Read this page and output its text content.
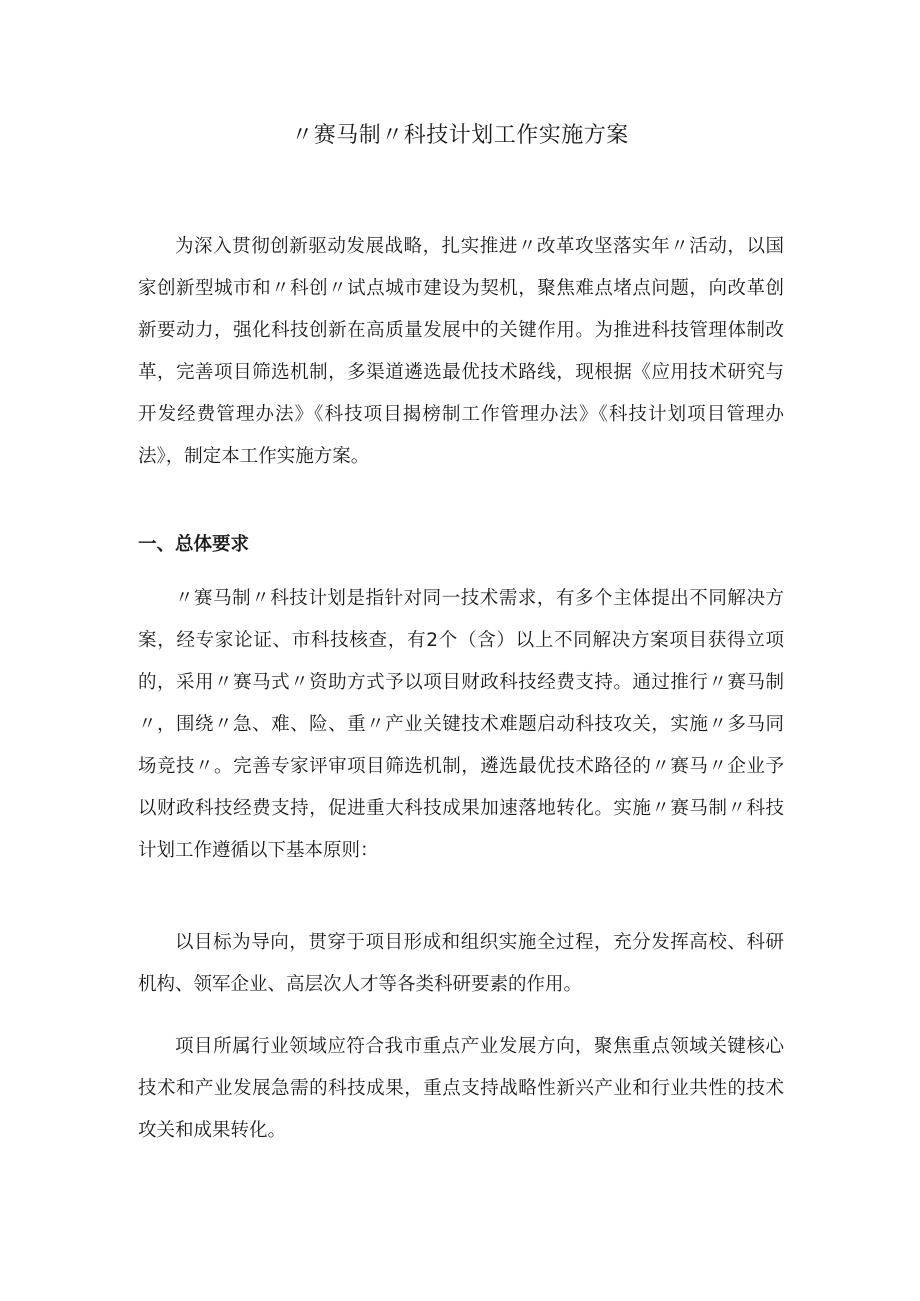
〃赛马制〃科技计划工作实施方案

为深入贯彻创新驱动发展战略，扎实推进〃改革攻坚落实年〃活动，以国家创新型城市和〃科创〃试点城市建设为契机，聚焦难点堵点问题，向改革创新要动力，强化科技创新在高质量发展中的关键作用。为推进科技管理体制改革，完善项目筛选机制，多渠道遴选最优技术路线，现根据《应用技术研究与开发经费管理办法》《科技项目揭榜制工作管理办法》《科技计划项目管理办法》，制定本工作实施方案。

一、总体要求

〃赛马制〃科技计划是指针对同一技术需求，有多个主体提出不同解决方案，经专家论证、市科技核查，有2个（含）以上不同解决方案项目获得立项的，采用〃赛马式〃资助方式予以项目财政科技经费支持。通过推行〃赛马制〃，围绕〃急、难、险、重〃产业关键技术难题启动科技攻关，实施〃多马同场竞技〃。完善专家评审项目筛选机制，遴选最优技术路径的〃赛马〃企业予以财政科技经费支持，促进重大科技成果加速落地转化。实施〃赛马制〃科技计划工作遵循以下基本原则：

以目标为导向，贯穿于项目形成和组织实施全过程，充分发挥高校、科研机构、领军企业、高层次人才等各类科研要素的作用。

项目所属行业领域应符合我市重点产业发展方向，聚焦重点领域关键核心技术和产业发展急需的科技成果，重点支持战略性新兴产业和行业共性的技术攻关和成果转化。
